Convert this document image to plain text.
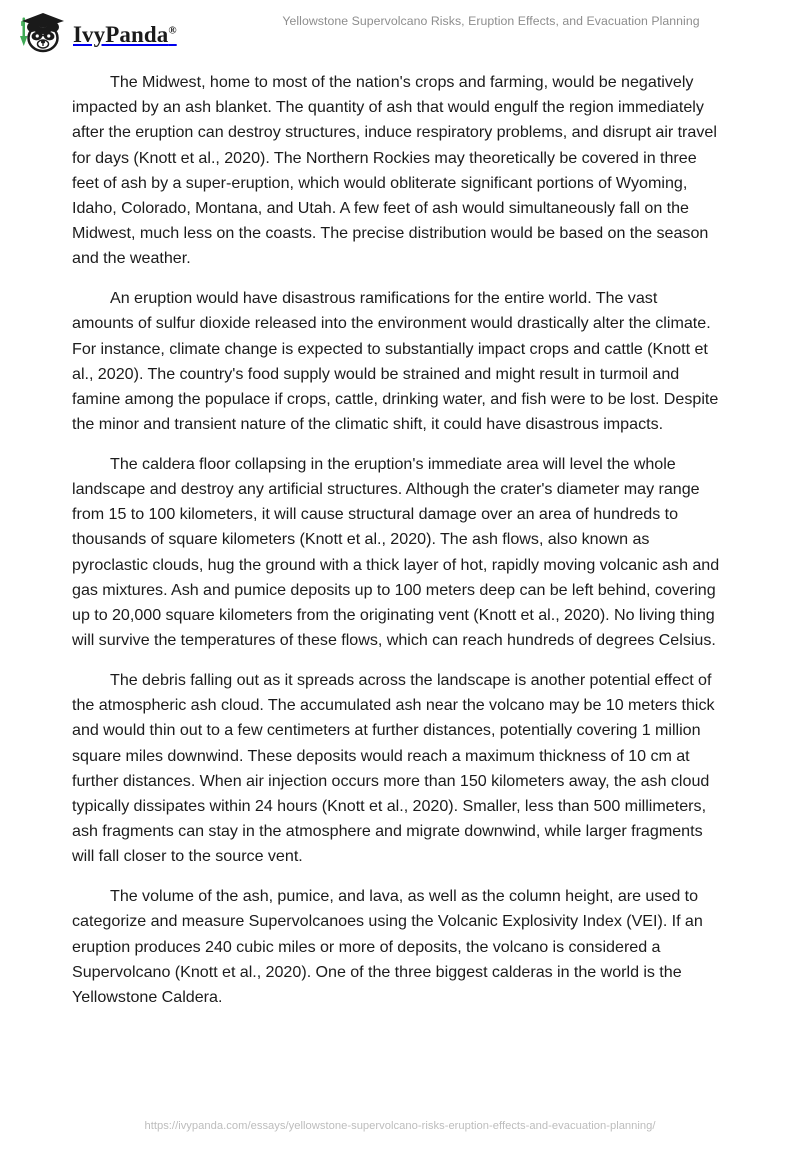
IvyPanda®
Yellowstone Supervolcano Risks, Eruption Effects, and Evacuation Planning

The Midwest, home to most of the nation's crops and farming, would be negatively impacted by an ash blanket. The quantity of ash that would engulf the region immediately after the eruption can destroy structures, induce respiratory problems, and disrupt air travel for days (Knott et al., 2020). The Northern Rockies may theoretically be covered in three feet of ash by a super-eruption, which would obliterate significant portions of Wyoming, Idaho, Colorado, Montana, and Utah. A few feet of ash would simultaneously fall on the Midwest, much less on the coasts. The precise distribution would be based on the season and the weather.

An eruption would have disastrous ramifications for the entire world. The vast amounts of sulfur dioxide released into the environment would drastically alter the climate. For instance, climate change is expected to substantially impact crops and cattle (Knott et al., 2020). The country's food supply would be strained and might result in turmoil and famine among the populace if crops, cattle, drinking water, and fish were to be lost. Despite the minor and transient nature of the climatic shift, it could have disastrous impacts.

The caldera floor collapsing in the eruption's immediate area will level the whole landscape and destroy any artificial structures. Although the crater's diameter may range from 15 to 100 kilometers, it will cause structural damage over an area of hundreds to thousands of square kilometers (Knott et al., 2020). The ash flows, also known as pyroclastic clouds, hug the ground with a thick layer of hot, rapidly moving volcanic ash and gas mixtures. Ash and pumice deposits up to 100 meters deep can be left behind, covering up to 20,000 square kilometers from the originating vent (Knott et al., 2020). No living thing will survive the temperatures of these flows, which can reach hundreds of degrees Celsius.

The debris falling out as it spreads across the landscape is another potential effect of the atmospheric ash cloud. The accumulated ash near the volcano may be 10 meters thick and would thin out to a few centimeters at further distances, potentially covering 1 million square miles downwind. These deposits would reach a maximum thickness of 10 cm at further distances. When air injection occurs more than 150 kilometers away, the ash cloud typically dissipates within 24 hours (Knott et al., 2020). Smaller, less than 500 millimeters, ash fragments can stay in the atmosphere and migrate downwind, while larger fragments will fall closer to the source vent.

The volume of the ash, pumice, and lava, as well as the column height, are used to categorize and measure Supervolcanoes using the Volcanic Explosivity Index (VEI). If an eruption produces 240 cubic miles or more of deposits, the volcano is considered a Supervolcano (Knott et al., 2020). One of the three biggest calderas in the world is the Yellowstone Caldera.

https://ivypanda.com/essays/yellowstone-supervolcano-risks-eruption-effects-and-evacuation-planning/
